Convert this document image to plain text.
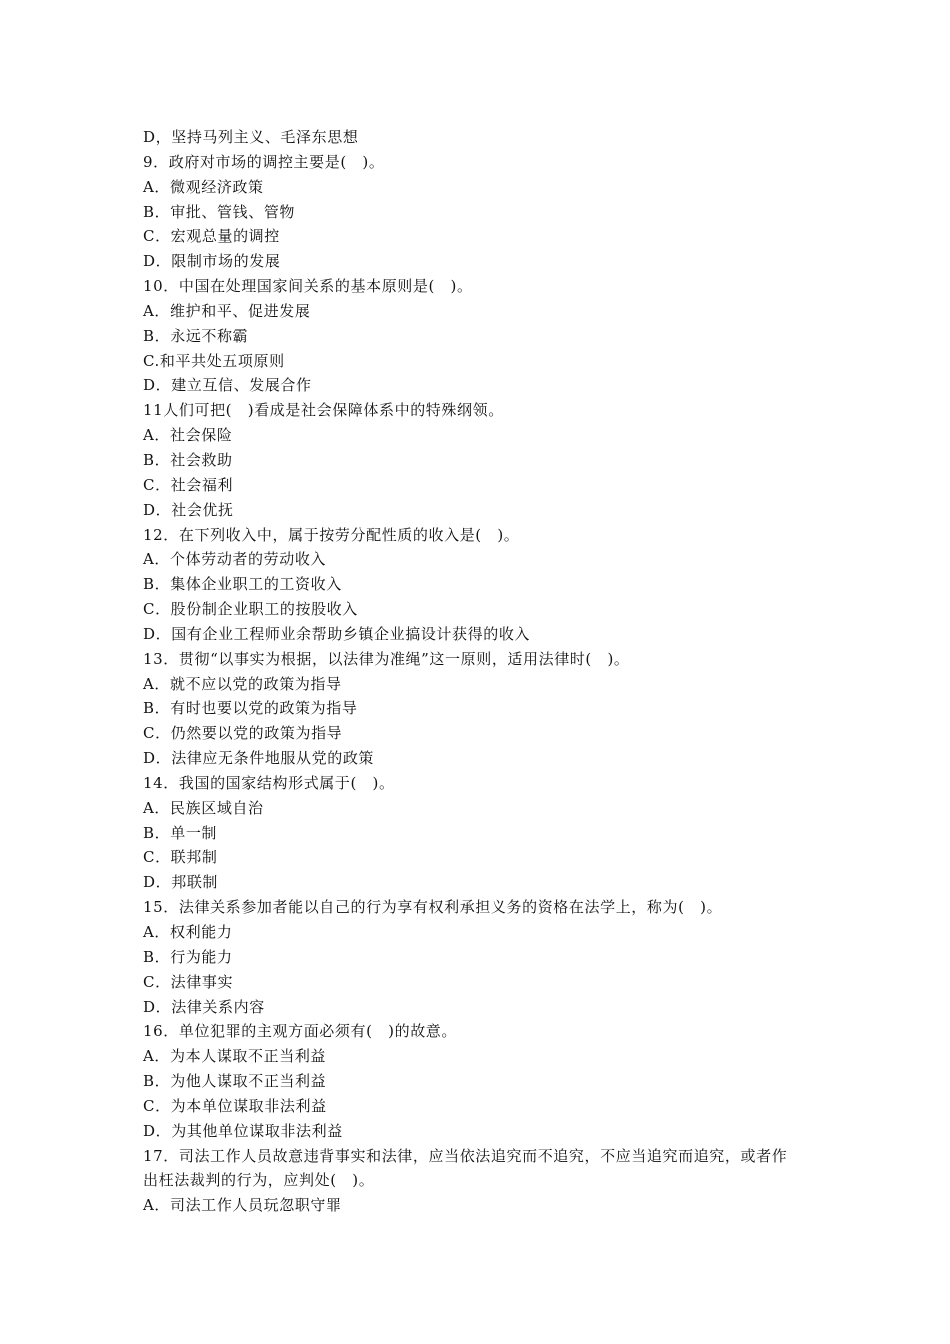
D，坚持马列主义、毛泽东思想
9．政府对市场的调控主要是(　)。
A．微观经济政策
B．审批、管钱、管物
C．宏观总量的调控
D．限制市场的发展
10．中国在处理国家间关系的基本原则是(　)。
A．维护和平、促进发展
B．永远不称霸
C.和平共处五项原则
D．建立互信、发展合作
11人们可把(　)看成是社会保障体系中的特殊纲领。
A．社会保险
B．社会救助
C．社会福利
D．社会优抚
12．在下列收入中，属于按劳分配性质的收入是(　)。
A．个体劳动者的劳动收入
B．集体企业职工的工资收入
C．股份制企业职工的按股收入
D．国有企业工程师业余帮助乡镇企业搞设计获得的收入
13．贯彻“以事实为根据，以法律为准绳”这一原则，适用法律时(　)。
A．就不应以党的政策为指导
B．有时也要以党的政策为指导
C．仍然要以党的政策为指导
D．法律应无条件地服从党的政策
14．我国的国家结构形式属于(　)。
A．民族区域自治
B．单一制
C．联邦制
D．邦联制
15．法律关系参加者能以自己的行为享有权利承担义务的资格在法学上，称为(　)。
A．权利能力
B．行为能力
C．法律事实
D．法律关系内容
16．单位犯罪的主观方面必须有(　)的故意。
A．为本人谋取不正当利益
B．为他人谋取不正当利益
C．为本单位谋取非法利益
D．为其他单位谋取非法利益
17．司法工作人员故意违背事实和法律，应当依法追究而不追究，不应当追究而追究，或者作
出枉法裁判的行为，应判处(　)。
A．司法工作人员玩忽职守罪
